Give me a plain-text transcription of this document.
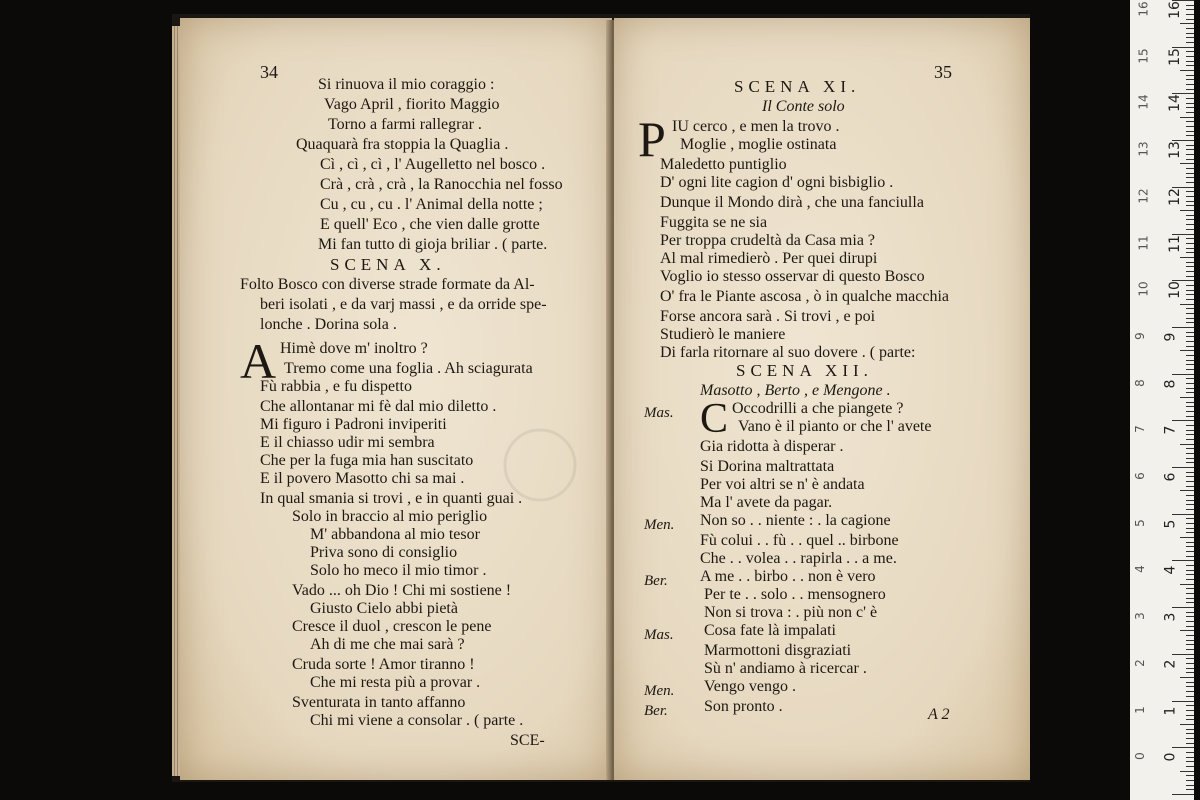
34
Si rinuova il mio coraggio :
Vago April , fiorito Maggio
Torno a farmi rallegrar .
Quaquarà fra stoppia la Quaglia .
Cì , cì , cì , l' Augelletto nel bosco .
Crà , crà , crà , la Ranocchia nel fosso
Cu , cu , cu . l' Animal della notte ;
E quell' Eco , che vien dalle grotte
Mi fan tutto di gioja briliar . ( parte.
SCENA X.
Folto Bosco con diverse strade formate da Al-
beri isolati , e da varj massi , e da orride spe-
lonche . Dorina sola .
A Himè dove m' inoltro ?
Tremo come una foglia . Ah sciagurata
Fù rabbia , e fu dispetto
Che allontanar mi fè dal mio diletto .
Mi figuro i Padroni inviperiti
E il chiasso udir mi sembra
Che per la fuga mia han suscitato
E il povero Masotto chi sa mai .
In qual smania si trovi , e in quanti guai .
Solo in braccio al mio periglio
M' abbandona al mio tesor
Priva sono di consiglio
Solo ho meco il mio timor .
Vado ... oh Dio ! Chi mi sostiene !
Giusto Cielo abbi pietà
Cresce il duol , crescon le pene
Ah di me che mai sarà ?
Cruda sorte ! Amor tiranno !
Che mi resta più a provar .
Sventurata in tanto affanno
Chi mi viene a consolar . ( parte .
SCE-
35
SCENA XI.
Il Conte solo
P IU cerco , e men la trovo .
Moglie , moglie ostinata
Maledetto puntiglio
D' ogni lite cagion d' ogni bisbiglio .
Dunque il Mondo dirà , che una fanciulla
Fuggita se ne sia
Per troppa crudeltà da Casa mia ?
Al mal rimedierò . Per quei dirupi
Voglio io stesso osservar di questo Bosco
O' fra le Piante ascosa , ò in qualche macchia
Forse ancora sarà . Si trovi , e poi
Studierò le maniere
Di farla ritornare al suo dovere . ( parte:
SCENA XII.
Masotto , Berto , e Mengone .
Mas. C Occodrilli a che piangete ?
Vano è il pianto or che l' avete
Gia ridotta à disperar .
Si Dorina maltrattata
Per voi altri se n' è andata
Ma l' avete da pagar.
Men. Non so . . niente : . la cagione
Fù colui . . fù . . quel .. birbone
Che . . volea . . rapirla . . a me.
Ber. A me . . birbo . . non è vero
Per te . . solo . . mensognero
Non si trova : . più non c' è
Mas. Cosa fate là impalati
Marmottoni disgraziati
Sù n' andiamo à ricercar .
Men. Vengo vengo .
Ber. Son pronto .	A 2
16
16
15
15
14
14
13
13
12
12
11
11
10
10
9
9
8
8
7
7
6
6
5
5
4
4
3
3
2
2
1
1
0
0
